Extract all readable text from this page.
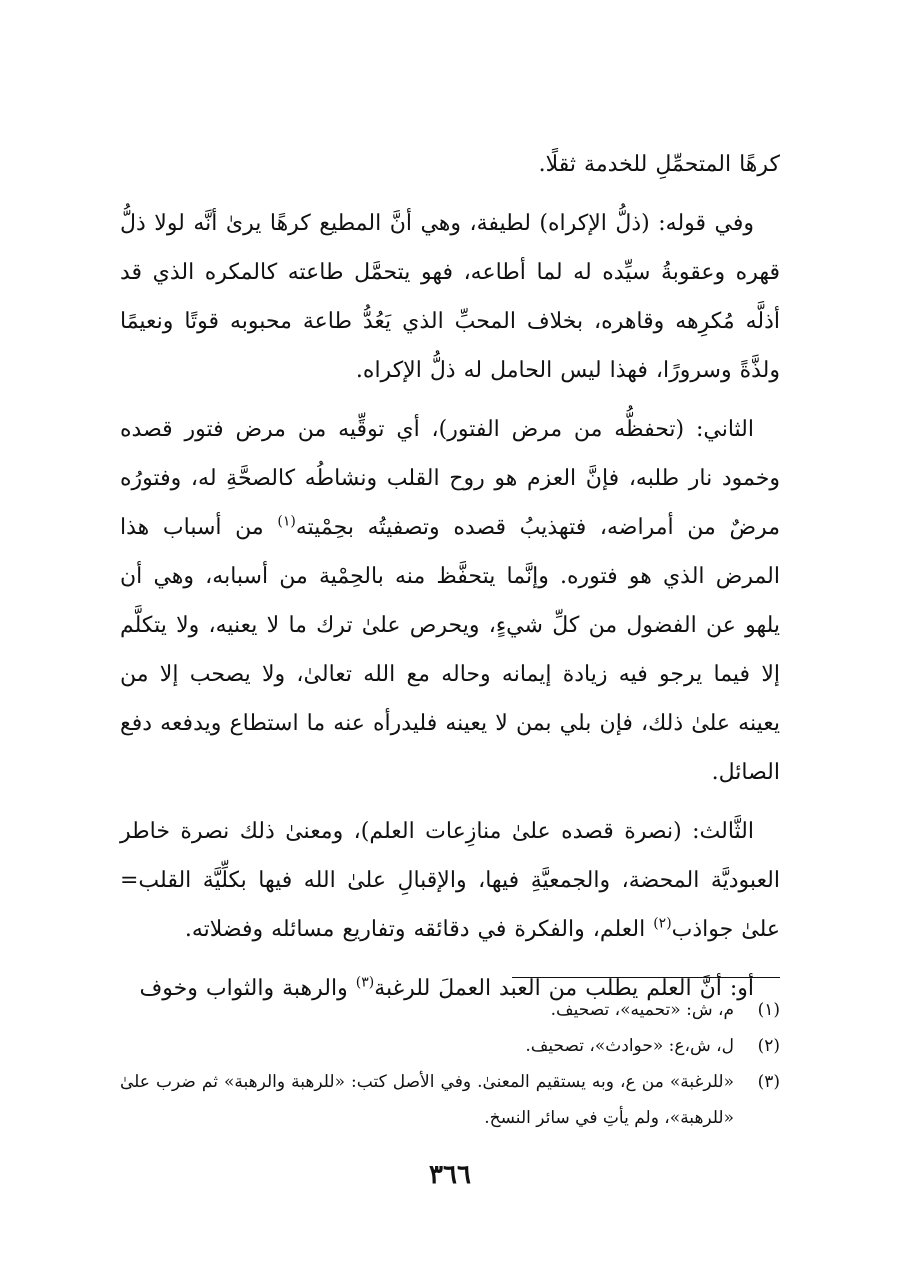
كرهًا المتحمِّلِ للخدمة ثقلًا.

وفي قوله: (ذلُّ الإكراه) لطيفة، وهي أنَّ المطيع كرهًا يرىٰ أنَّه لولا ذلُّ قهره وعقوبةُ سيِّده له لما أطاعه، فهو يتحمَّل طاعته كالمكره الذي قد أذلَّه مُكرِهه وقاهره، بخلاف المحبِّ الذي يَعُدُّ طاعة محبوبه قوتًا ونعيمًا ولذَّةً وسرورًا، فهذا ليس الحامل له ذلُّ الإكراه.

الثاني: (تحفظُّه من مرض الفتور)، أي توقِّيه من مرض فتور قصده وخمود نار طلبه، فإنَّ العزم هو روح القلب ونشاطُه كالصحَّةِ له، وفتورُه مرضٌ من أمراضه، فتهذيبُ قصده وتصفيتُه بحِمْيته$^{(١)}$ من أسباب هذا المرض الذي هو فتوره. وإنَّما يتحفَّظ منه بالحِمْية من أسبابه، وهي أن يلهو عن الفضول من كلِّ شيءٍ، ويحرص علىٰ ترك ما لا يعنيه، ولا يتكلَّم إلا فيما يرجو فيه زيادة إيمانه وحاله مع الله تعالىٰ، ولا يصحب إلا من يعينه علىٰ ذلك، فإن بلي بمن لا يعينه فليدرأه عنه ما استطاع ويدفعه دفع الصائل.

الثَّالث: (نصرة قصده علىٰ منازِعات العلم)، ومعنىٰ ذلك نصرة خاطر العبوديَّة المحضة، والجمعيَّةِ فيها، والإقبالِ علىٰ الله فيها بكلِّيَّة القلب= علىٰ جواذب$^{(٢)}$ العلم، والفكرة في دقائقه وتفاريع مسائله وفضلاته.

أو: أنَّ العلم يطلب من العبد العملَ للرغبة$^{(٣)}$ والرهبة والثواب وخوف

(١)
م، ش: «تحميه»، تصحيف.
(٢)
ل، ش،ع: «حوادث»، تصحيف.
(٣)
«للرغبة» من ع، وبه يستقيم المعنىٰ. وفي الأصل كتب: «للرهبة والرهبة» ثم ضرب علىٰ «للرهبة»، ولم يأتِ في سائر النسخ.
٣٦٦
